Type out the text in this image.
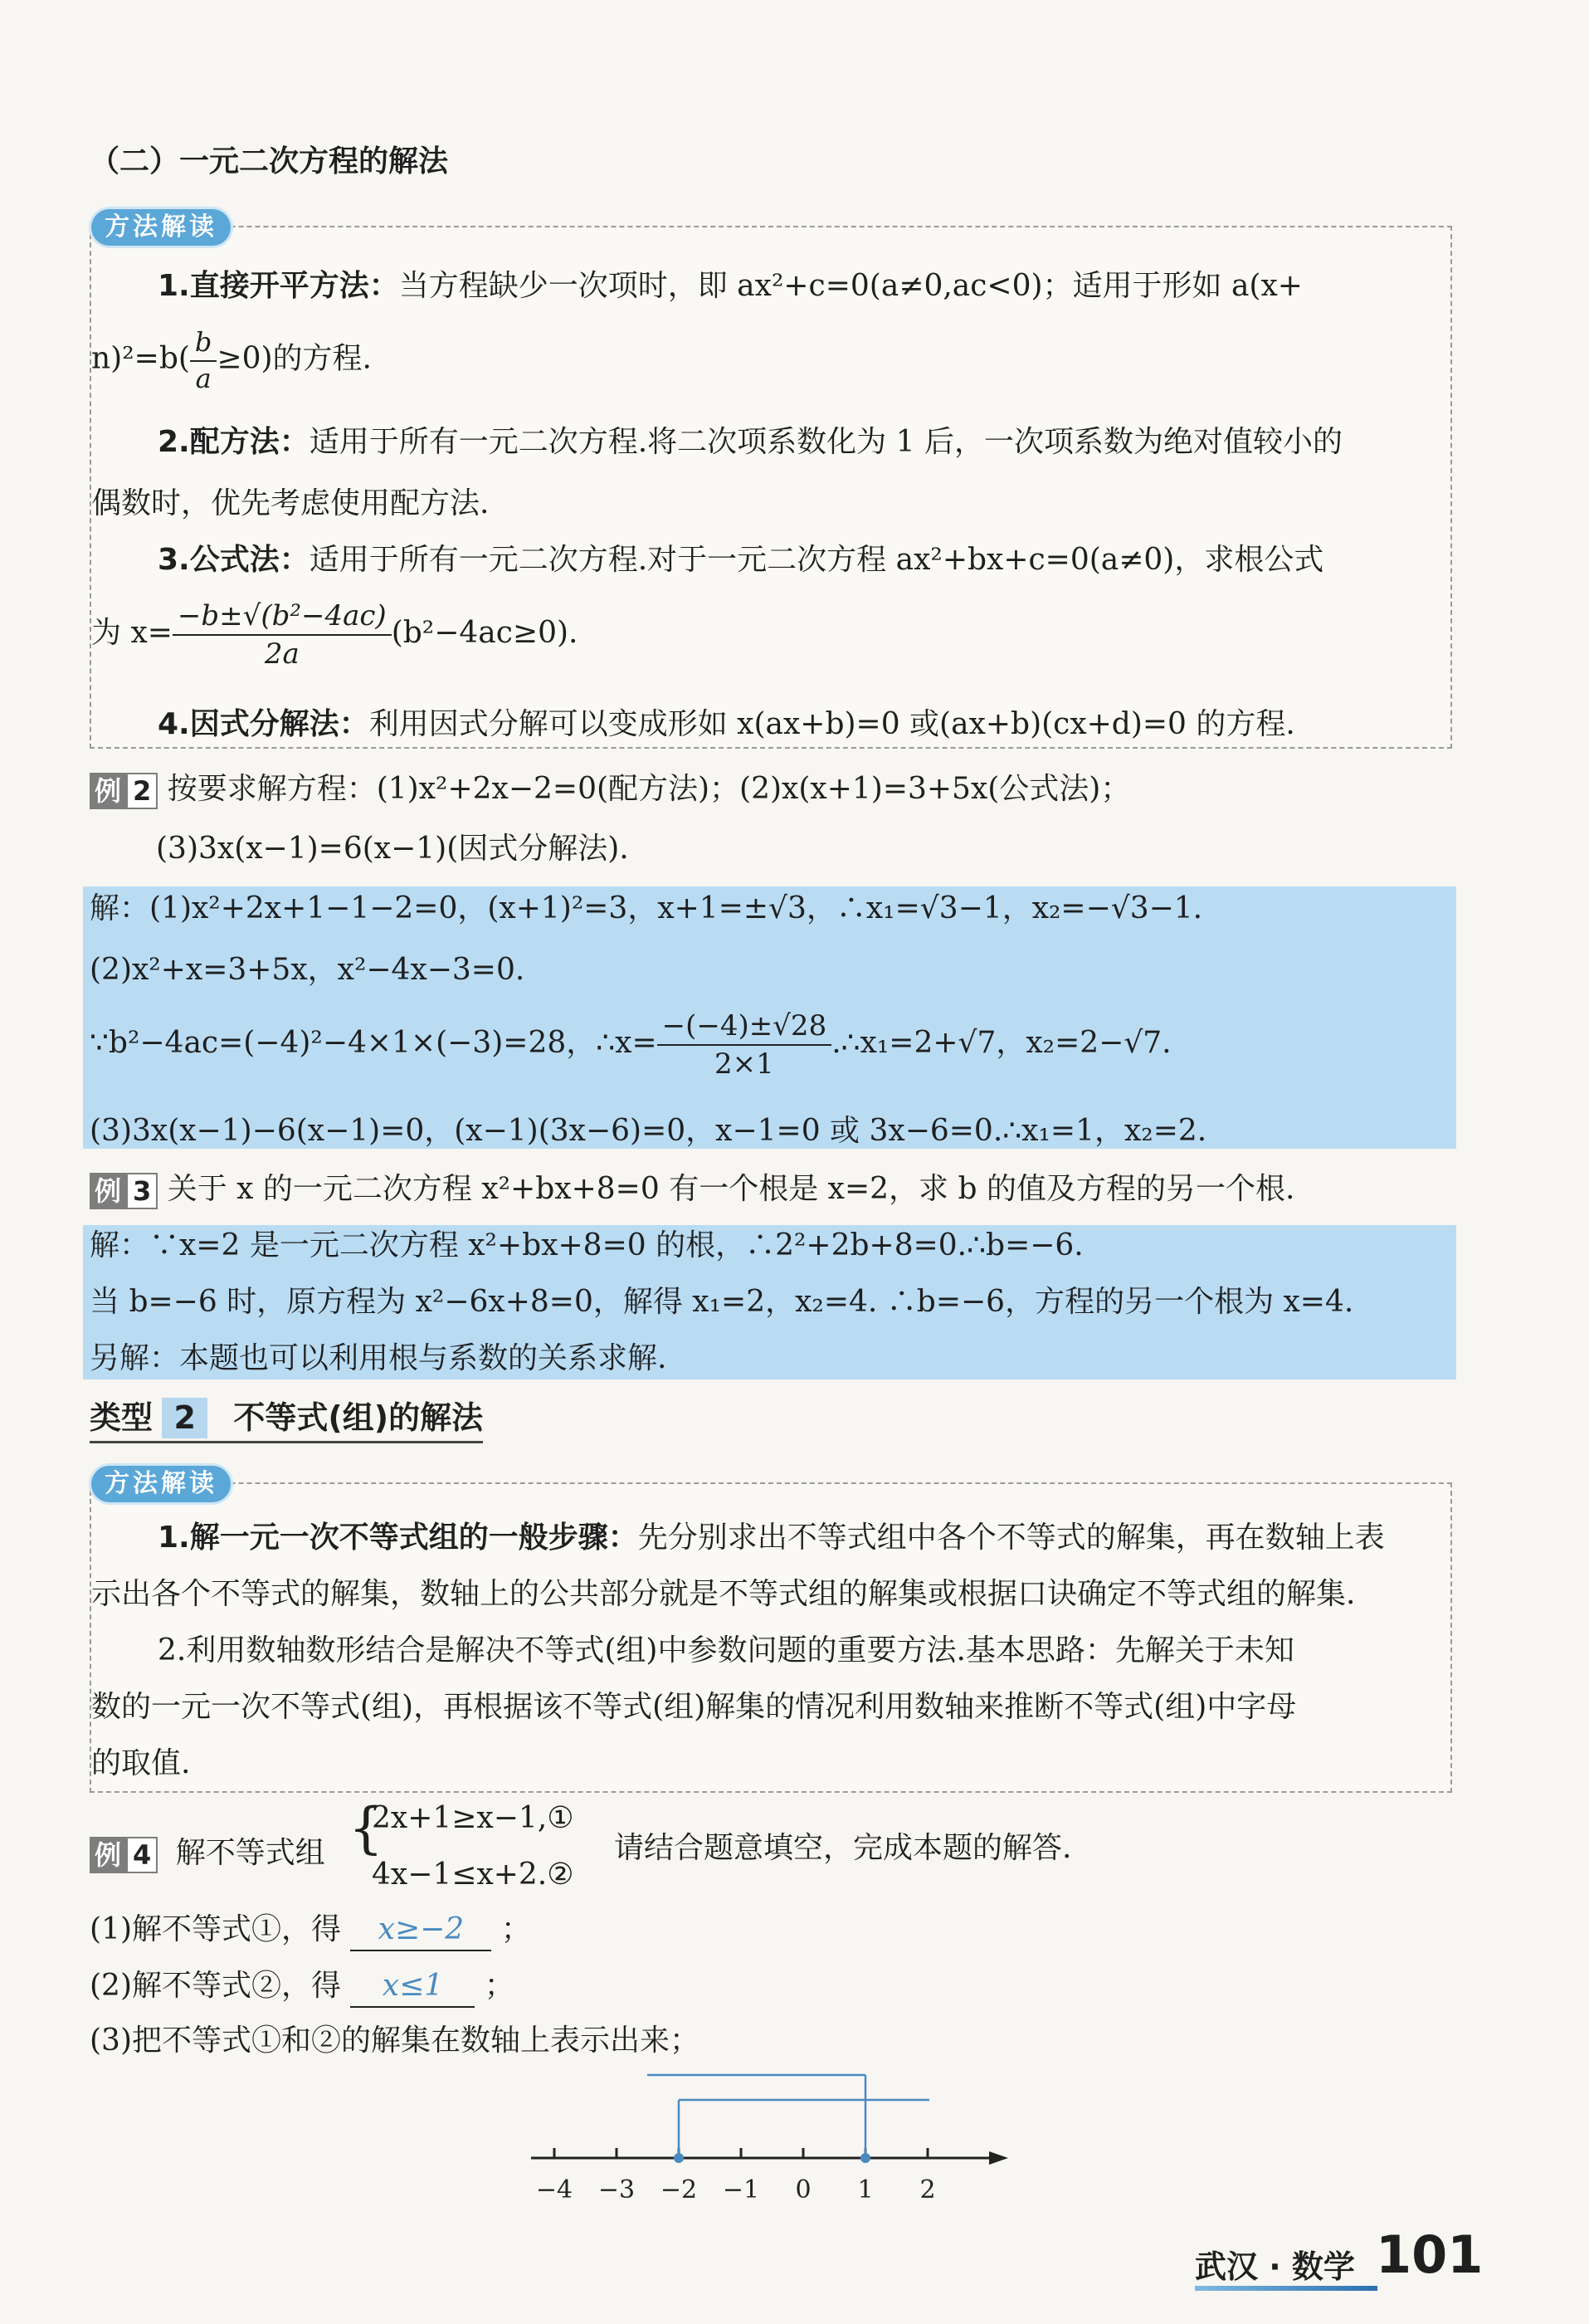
（二）一元二次方程的解法
方法解读
1.直接开平方法：当方程缺少一次项时，即 ax²+c=0(a≠0,ac<0)；适用于形如 a(x+
$n)^2=b( \frac{b}{a} \ge 0)$的方程.
2.配方法：适用于所有一元二次方程.将二次项系数化为 1 后，一次项系数为绝对值较小的
偶数时，优先考虑使用配方法.
3.公式法：适用于所有一元二次方程.对于一元二次方程 ax²+bx+c=0(a≠0)，求根公式
为 $x= \frac{\text{−b±√(b²−4ac)}}{2a} (b^2-4ac\ge 0)$.
4.因式分解法：利用因式分解可以变成形如 x(ax+b)=0 或(ax+b)(cx+d)=0 的方程.
例 2 按要求解方程：(1)x²+2x−2=0(配方法)；(2)x(x+1)=3+5x(公式法)；
(3)3x(x−1)=6(x−1)(因式分解法).
解：(1)x²+2x+1−1−2=0，(x+1)²=3，x+1=±√3，∴x₁=√3−1，x₂=−√3−1.
(2)x²+x=3+5x，x²−4x−3=0.
∵b²−4ac=(−4)²−4×1×(−3)=28，∴x= $\frac{-(-4)\pm√28}{2\times 1}$ .∴x₁=2+√7，x₂=2−√7.
(3)3x(x−1)−6(x−1)=0，(x−1)(3x−6)=0，x−1=0 或 3x−6=0.∴x₁=1，x₂=2.
例 3 关于 x 的一元二次方程 x²+bx+8=0 有一个根是 x=2，求 b 的值及方程的另一个根.
解：∵x=2 是一元二次方程 x²+bx+8=0 的根，∴2²+2b+8=0.∴b=−6.
当 b=−6 时，原方程为 x²−6x+8=0，解得 x₁=2，x₂=4. ∴b=−6，方程的另一个根为 x=4.
另解：本题也可以利用根与系数的关系求解.
类型 2 不等式(组)的解法
方法解读
1.解一元一次不等式组的一般步骤：先分别求出不等式组中各个不等式的解集，再在数轴上表
示出各个不等式的解集，数轴上的公共部分就是不等式组的解集或根据口诀确定不等式组的解集.
2.利用数轴数形结合是解决不等式(组)中参数问题的重要方法.基本思路：先解关于未知
数的一元一次不等式(组)，再根据该不等式(组)解集的情况利用数轴来推断不等式(组)中字母
的取值.
例 4 解不等式组 {
2x+1≥x−1,①
4x−1≤x+2.②
请结合题意填空，完成本题的解答.
(1)解不等式①，得 x≥−2 ；
(2)解不等式②，得 x≤1 ；
(3)把不等式①和②的解集在数轴上表示出来；
−4 −3 −2 −1 0 1 2
武汉 · 数学 101
